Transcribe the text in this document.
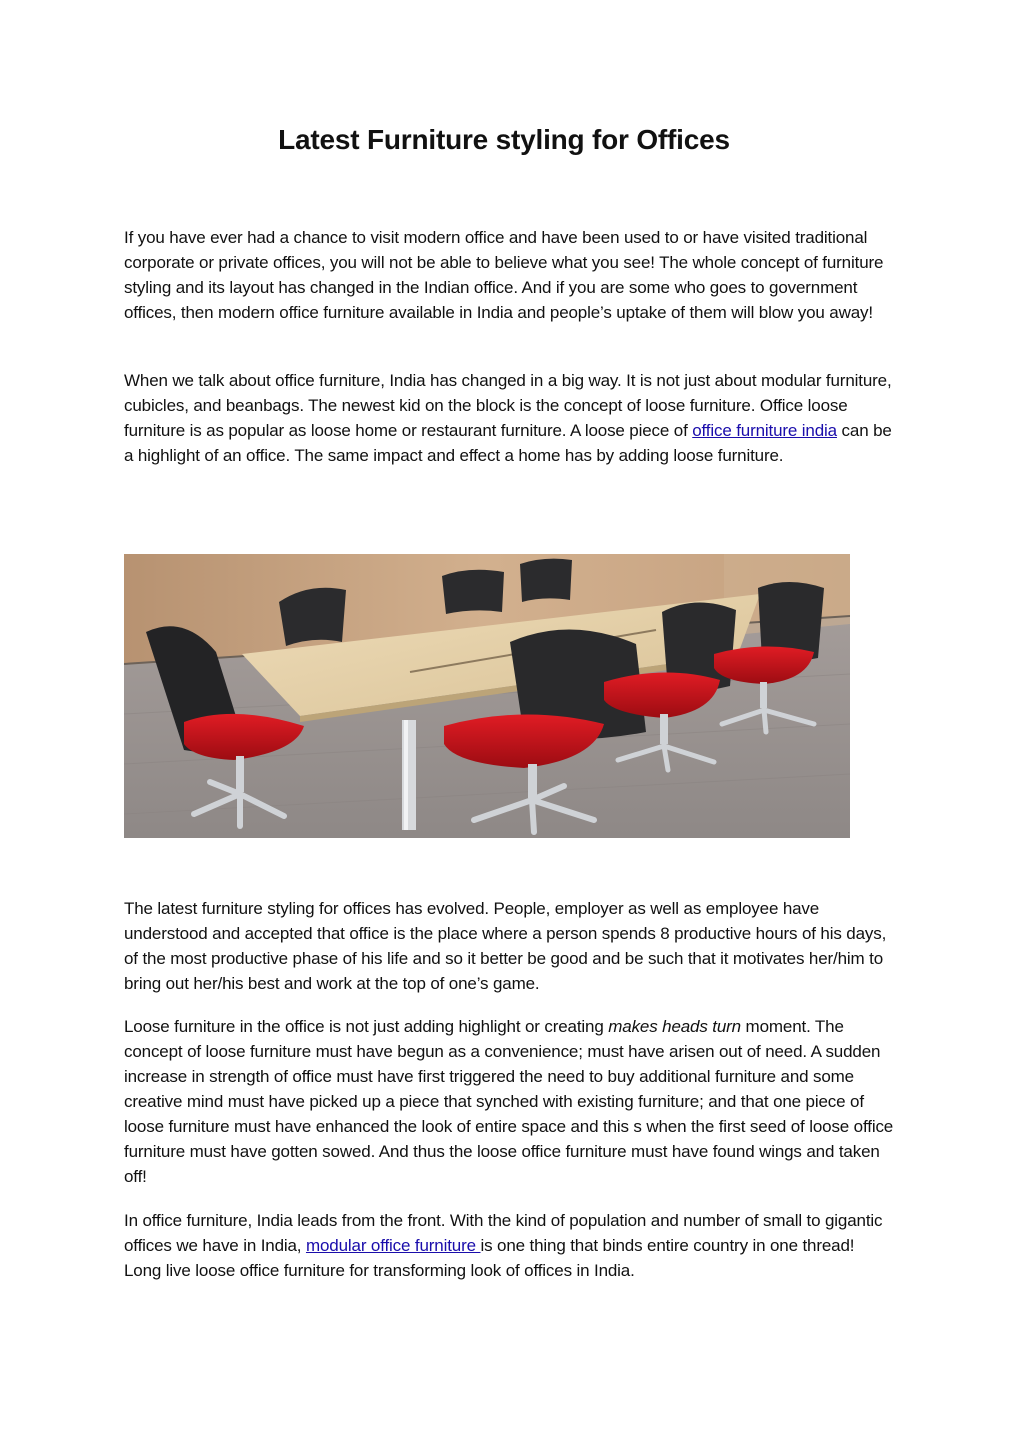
Latest Furniture styling for Offices

If you have ever had a chance to visit modern office and have been used to or have visited traditional corporate or private offices, you will not be able to believe what you see! The whole concept of furniture styling and its layout has changed in the Indian office. And if you are some who goes to government offices, then modern office furniture available in India and people’s uptake of them will blow you away!

When we talk about office furniture, India has changed in a big way. It is not just about modular furniture, cubicles, and beanbags. The newest kid on the block is the concept of loose furniture. Office loose furniture is as popular as loose home or restaurant furniture. A loose piece of office furniture india can be a highlight of an office. The same impact and effect a home has by adding loose furniture.

The latest furniture styling for offices has evolved. People, employer as well as employee have understood and accepted that office is the place where a person spends 8 productive hours of his days, of the most productive phase of his life and so it better be good and be such that it motivates her/him to bring out her/his best and work at the top of one’s game.

Loose furniture in the office is not just adding highlight or creating makes heads turn moment. The concept of loose furniture must have begun as a convenience; must have arisen out of need. A sudden increase in strength of office must have first triggered the need to buy additional furniture and some creative mind must have picked up a piece that synched with existing furniture; and that one piece of loose furniture must have enhanced the look of entire space and this s when the first seed of loose office furniture must have gotten sowed. And thus the loose office furniture must have found wings and taken off!

In office furniture, India leads from the front. With the kind of population and number of small to gigantic offices we have in India, modular office furniture is one thing that binds entire country in one thread! Long live loose office furniture for transforming look of offices in India.
